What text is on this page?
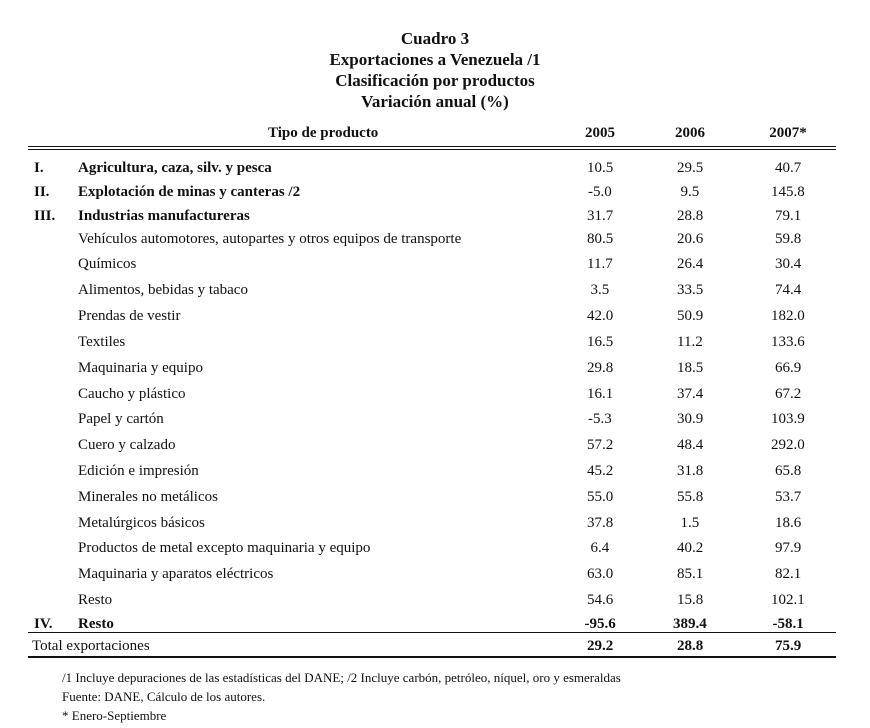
Cuadro 3
Exportaciones a Venezuela /1
Clasificación por productos
Variación anual (%)
Tipo de producto	2005	2006	2007*
I. Agricultura, caza, silv. y pesca	10.5	29.5	40.7
II. Explotación de minas y canteras /2	-5.0	9.5	145.8
III. Industrias manufactureras	31.7	28.8	79.1
Vehículos automotores, autopartes y otros equipos de transporte	80.5	20.6	59.8
Químicos	11.7	26.4	30.4
Alimentos, bebidas y tabaco	3.5	33.5	74.4
Prendas de vestir	42.0	50.9	182.0
Textiles	16.5	11.2	133.6
Maquinaria y equipo	29.8	18.5	66.9
Caucho y plástico	16.1	37.4	67.2
Papel y cartón	-5.3	30.9	103.9
Cuero y calzado	57.2	48.4	292.0
Edición e impresión	45.2	31.8	65.8
Minerales no metálicos	55.0	55.8	53.7
Metalúrgicos básicos	37.8	1.5	18.6
Productos de metal excepto maquinaria y equipo	6.4	40.2	97.9
Maquinaria y aparatos eléctricos	63.0	85.1	82.1
Resto	54.6	15.8	102.1
IV. Resto	-95.6	389.4	-58.1
Total exportaciones	29.2	28.8	75.9
/1 Incluye depuraciones de las estadísticas del DANE; /2 Incluye carbón, petróleo, níquel, oro y esmeraldas
Fuente: DANE, Cálculo de los autores.
* Enero-Septiembre
